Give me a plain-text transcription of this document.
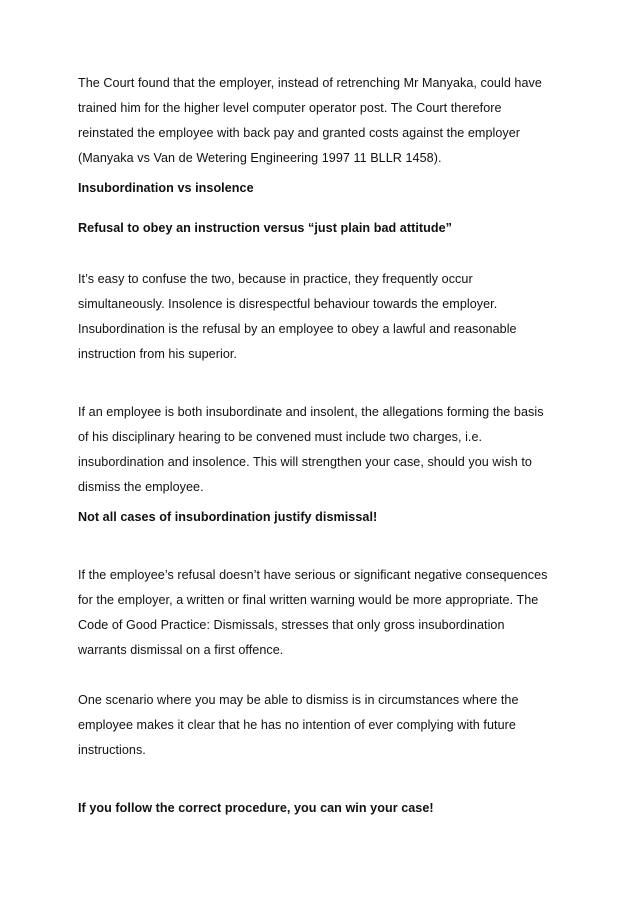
The Court found that the employer, instead of retrenching Mr Manyaka, could have

trained him for the higher level computer operator post. The Court therefore

reinstated the employee with back pay and granted costs against the employer

(Manyaka vs Van de Wetering Engineering 1997 11 BLLR 1458).

Insubordination vs insolence

Refusal to obey an instruction versus “just plain bad attitude”

It’s easy to confuse the two, because in practice, they frequently occur

simultaneously. Insolence is disrespectful behaviour towards the employer.

Insubordination is the refusal by an employee to obey a lawful and reasonable

instruction from his superior.

If an employee is both insubordinate and insolent, the allegations forming the basis

of his disciplinary hearing to be convened must include two charges, i.e.

insubordination and insolence. This will strengthen your case, should you wish to

dismiss the employee.

Not all cases of insubordination justify dismissal!

If the employee’s refusal doesn’t have serious or significant negative consequences

for the employer, a written or final written warning would be more appropriate. The

Code of Good Practice: Dismissals, stresses that only gross insubordination

warrants dismissal on a first offence.

One scenario where you may be able to dismiss is in circumstances where the

employee makes it clear that he has no intention of ever complying with future

instructions.

If you follow the correct procedure, you can win your case!
